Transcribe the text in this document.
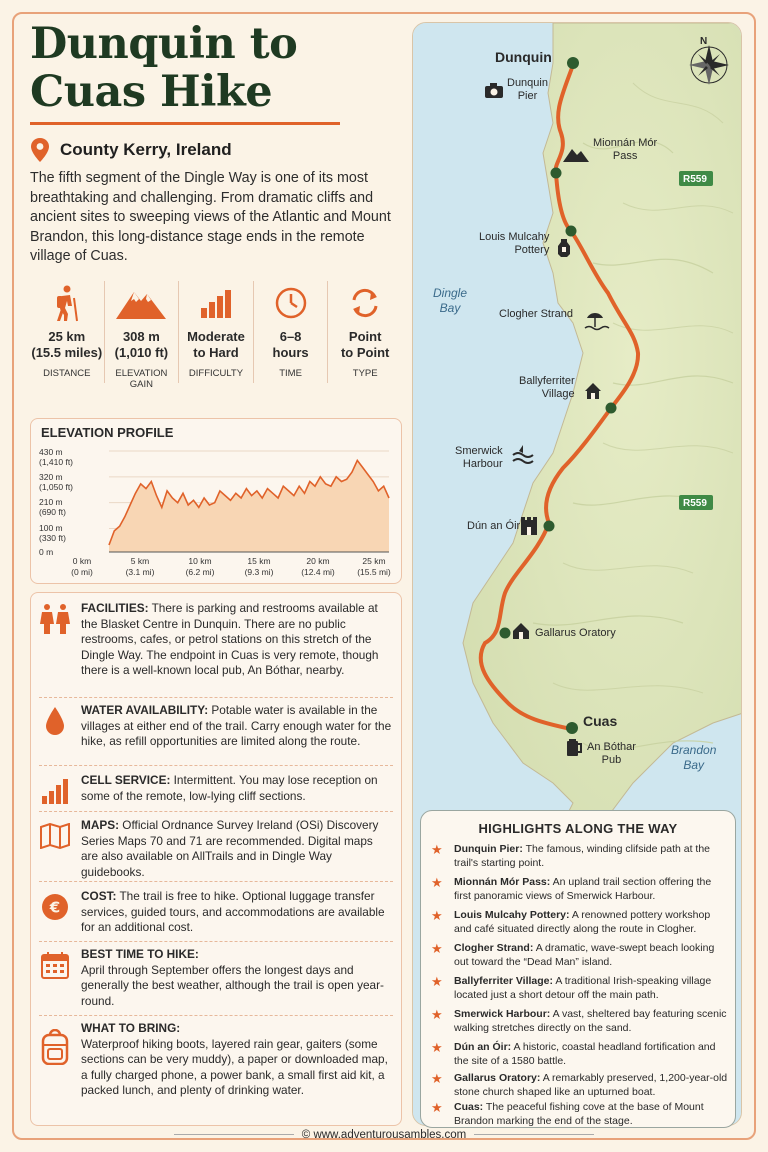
Dunquin to
Cuas Hike
County Kerry, Ireland

The fifth segment of the Dingle Way is one of its most breathtaking and challenging. From dramatic cliffs and ancient sites to sweeping views of the Atlantic and Mount Brandon, this long-distance stage ends in the remote village of Cuas.

25 km
(15.5 miles)
DISTANCE
308 m
(1,010 ft)
ELEVATION GAIN
Moderate
to Hard
DIFFICULTY
6–8
hours
TIME
Point
to Point
TYPE
ELEVATION PROFILE
430 m
(1,410 ft)
320 m
(1,050 ft)
210 m
(690 ft)
100 m
(330 ft)
0 m
0 km
(0 mi)
5 km
(3.1 mi)
10 km
(6.2 mi)
15 km
(9.3 mi)
20 km
(12.4 mi)
25 km
(15.5 mi)
FACILITIES: There is parking and restrooms available at the Blasket Centre in Dunquin. There are no public restrooms, cafes, or petrol stations on this stretch of the Dingle Way. The endpoint in Cuas is very remote, though there is a well-known local pub, An Bóthar, nearby.
WATER AVAILABILITY: Potable water is available in the villages at either end of the trail. Carry enough water for the hike, as refill opportunities are limited along the route.
CELL SERVICE: Intermittent. You may lose reception on some of the remote, low-lying cliff sections.
MAPS: Official Ordnance Survey Ireland (OSi) Discovery Series Maps 70 and 71 are recommended. Digital maps are also available on AllTrails and in Dingle Way guidebooks.
€
COST: The trail is free to hike. Optional luggage transfer services, guided tours, and accommodations are available for an additional cost.
BEST TIME TO HIKE:
April through September offers the longest days and generally the best weather, although the trail is open year-round.
WHAT TO BRING:
Waterproof hiking boots, layered rain gear, gaiters (some sections can be very muddy), a paper or downloaded map, a fully charged phone, a power bank, a small first aid kit, a packed lunch, and plenty of drinking water.
N
Dunquin
Dunquin
Pier
Mionnán Mór
Pass
Louis Mulcahy
Pottery
Clogher Strand
Ballyferriter
Village
Smerwick
Harbour
Dún an Óir
Gallarus Oratory
Cuas
An Bóthar
Pub
Dingle
Bay
Brandon
Bay
R559
R559
HIGHLIGHTS ALONG THE WAY
★ Dunquin Pier: The famous, winding clifside path at the trail's starting point.
★ Mionnán Mór Pass: An upland trail section offering the first panoramic views of Smerwick Harbour.
★ Louis Mulcahy Pottery: A renowned pottery workshop and café situated directly along the route in Clogher.
★ Clogher Strand: A dramatic, wave-swept beach looking out toward the “Dead Man” island.
★ Ballyferriter Village: A traditional Irish-speaking village located just a short detour off the main path.
★ Smerwick Harbour: A vast, sheltered bay featuring scenic walking stretches directly on the sand.
★ Dún an Óir: A historic, coastal headland fortification and the site of a 1580 battle.
★ Gallarus Oratory: A remarkably preserved, 1,200-year-old stone church shaped like an upturned boat.
★ Cuas: The peaceful fishing cove at the base of Mount Brandon marking the end of the stage.
© www.adventurousambles.com
